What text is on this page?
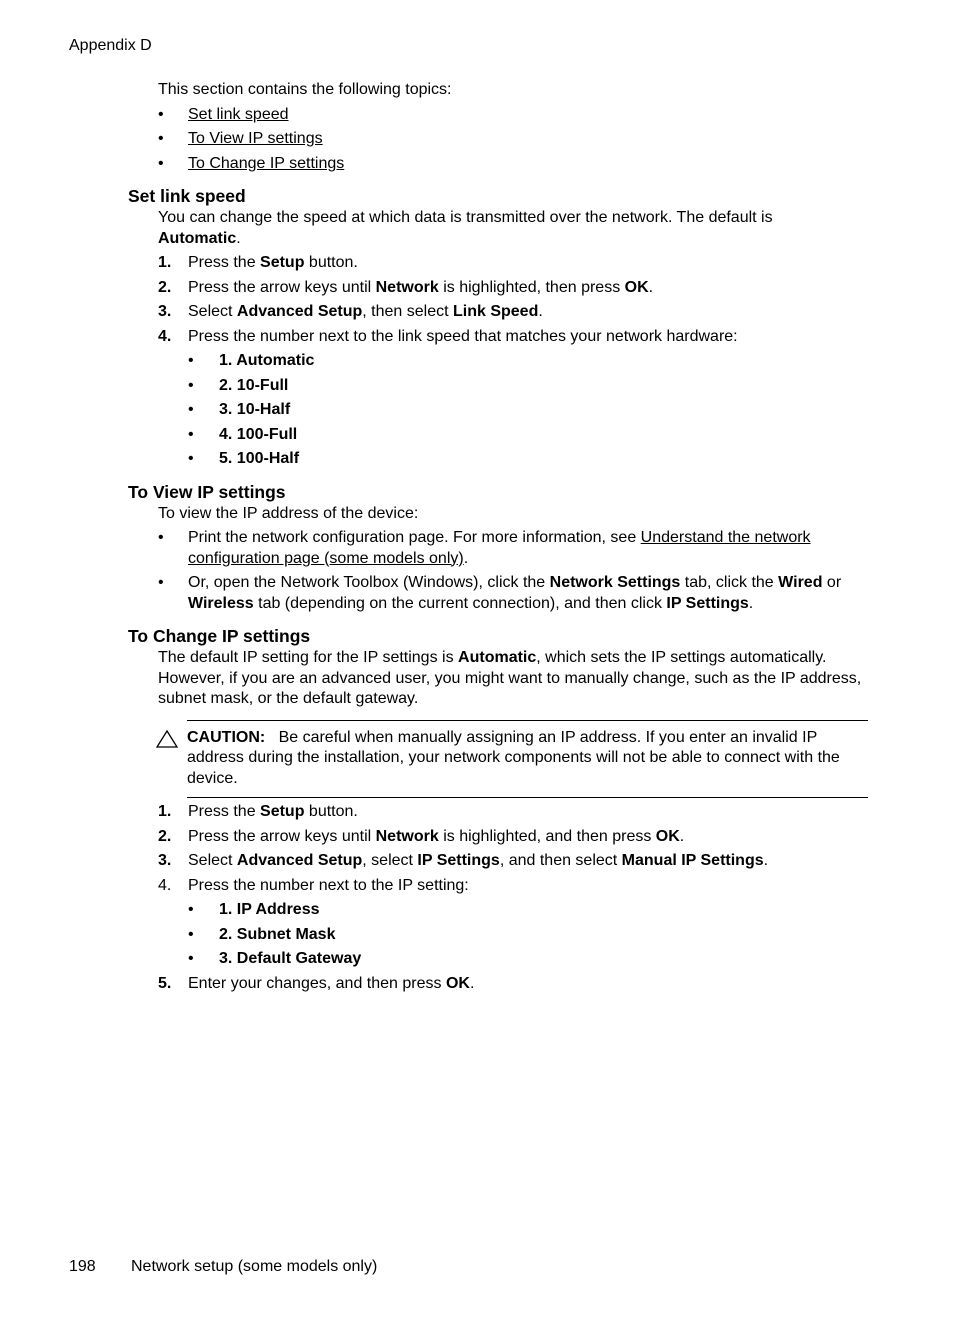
Appendix D

This section contains the following topics:

• Set link speed
• To View IP settings
• To Change IP settings
Set link speed

You can change the speed at which data is transmitted over the network. The default is
Automatic.

1. Press the Setup button.
2. Press the arrow keys until Network is highlighted, then press OK.
3. Select Advanced Setup, then select Link Speed.
4. Press the number next to the link speed that matches your network hardware:
• 1. Automatic
• 2. 10-Full
• 3. 10-Half
• 4. 100-Full
• 5. 100-Half
To View IP settings

To view the IP address of the device:

• Print the network configuration page. For more information, see Understand the network configuration page (some models only).
• Or, open the Network Toolbox (Windows), click the Network Settings tab, click the Wired or Wireless tab (depending on the current connection), and then click IP Settings.
To Change IP settings

The default IP setting for the IP settings is Automatic, which sets the IP settings automatically. However, if you are an advanced user, you might want to manually change, such as the IP address, subnet mask, or the default gateway.

CAUTION: Be careful when manually assigning an IP address. If you enter an invalid IP address during the installation, your network components will not be able to connect with the device.
1. Press the Setup button.
2. Press the arrow keys until Network is highlighted, and then press OK.
3. Select Advanced Setup, select IP Settings, and then select Manual IP Settings.
4. Press the number next to the IP setting:
• 1. IP Address
• 2. Subnet Mask
• 3. Default Gateway
5. Enter your changes, and then press OK.
198 Network setup (some models only)
